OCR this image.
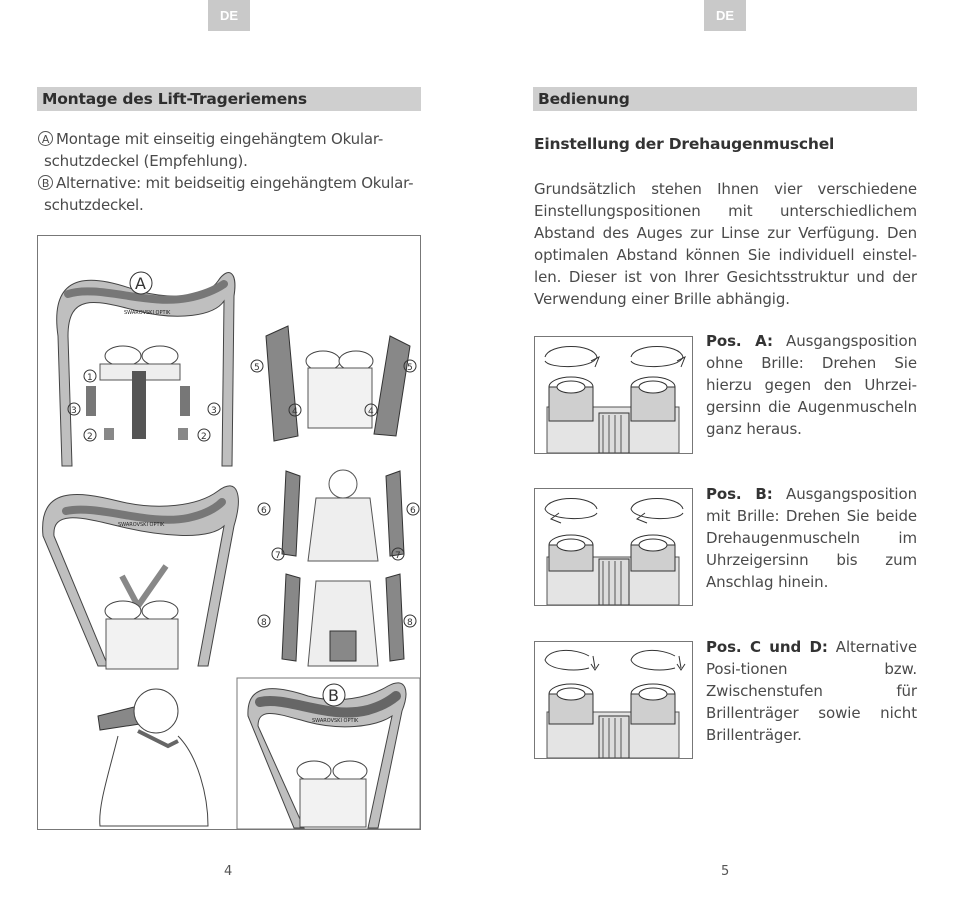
DE	DE
Montage des Lift-Trageriemens
A Montage mit einseitig eingehängtem Okular-
schutzdeckel (Empfehlung).
B Alternative: mit beidseitig eingehängtem Okular-
schutzdeckel.
SWAROVSKI OPTIK
A
1
3	3
2	2
5	5
4	4
SWAROVSKI OPTIK
6	6
7	7
8	8
SWAROVSKI OPTIK
B
4
Bedienung
Einstellung der Drehaugenmuschel
Grundsätzlich stehen Ihnen vier verschiedene Einstellungspositionen mit unterschiedlichem Abstand des Auges zur Linse zur Verfügung. Den optimalen Abstand können Sie individuell einstel-len. Dieser ist von Ihrer Gesichtsstruktur und der Verwendung einer Brille abhängig.
Pos. A: Ausgangsposition ohne Brille: Drehen Sie hierzu gegen den Uhrzei-gersinn die Augenmuscheln ganz heraus.
Pos. B: Ausgangsposition mit Brille: Drehen Sie beide Drehaugenmuscheln im Uhrzeigersinn bis zum Anschlag hinein.
Pos. C und D: Alternative Posi-tionen bzw. Zwischenstufen für Brillenträger sowie nicht Brillenträger.
5
